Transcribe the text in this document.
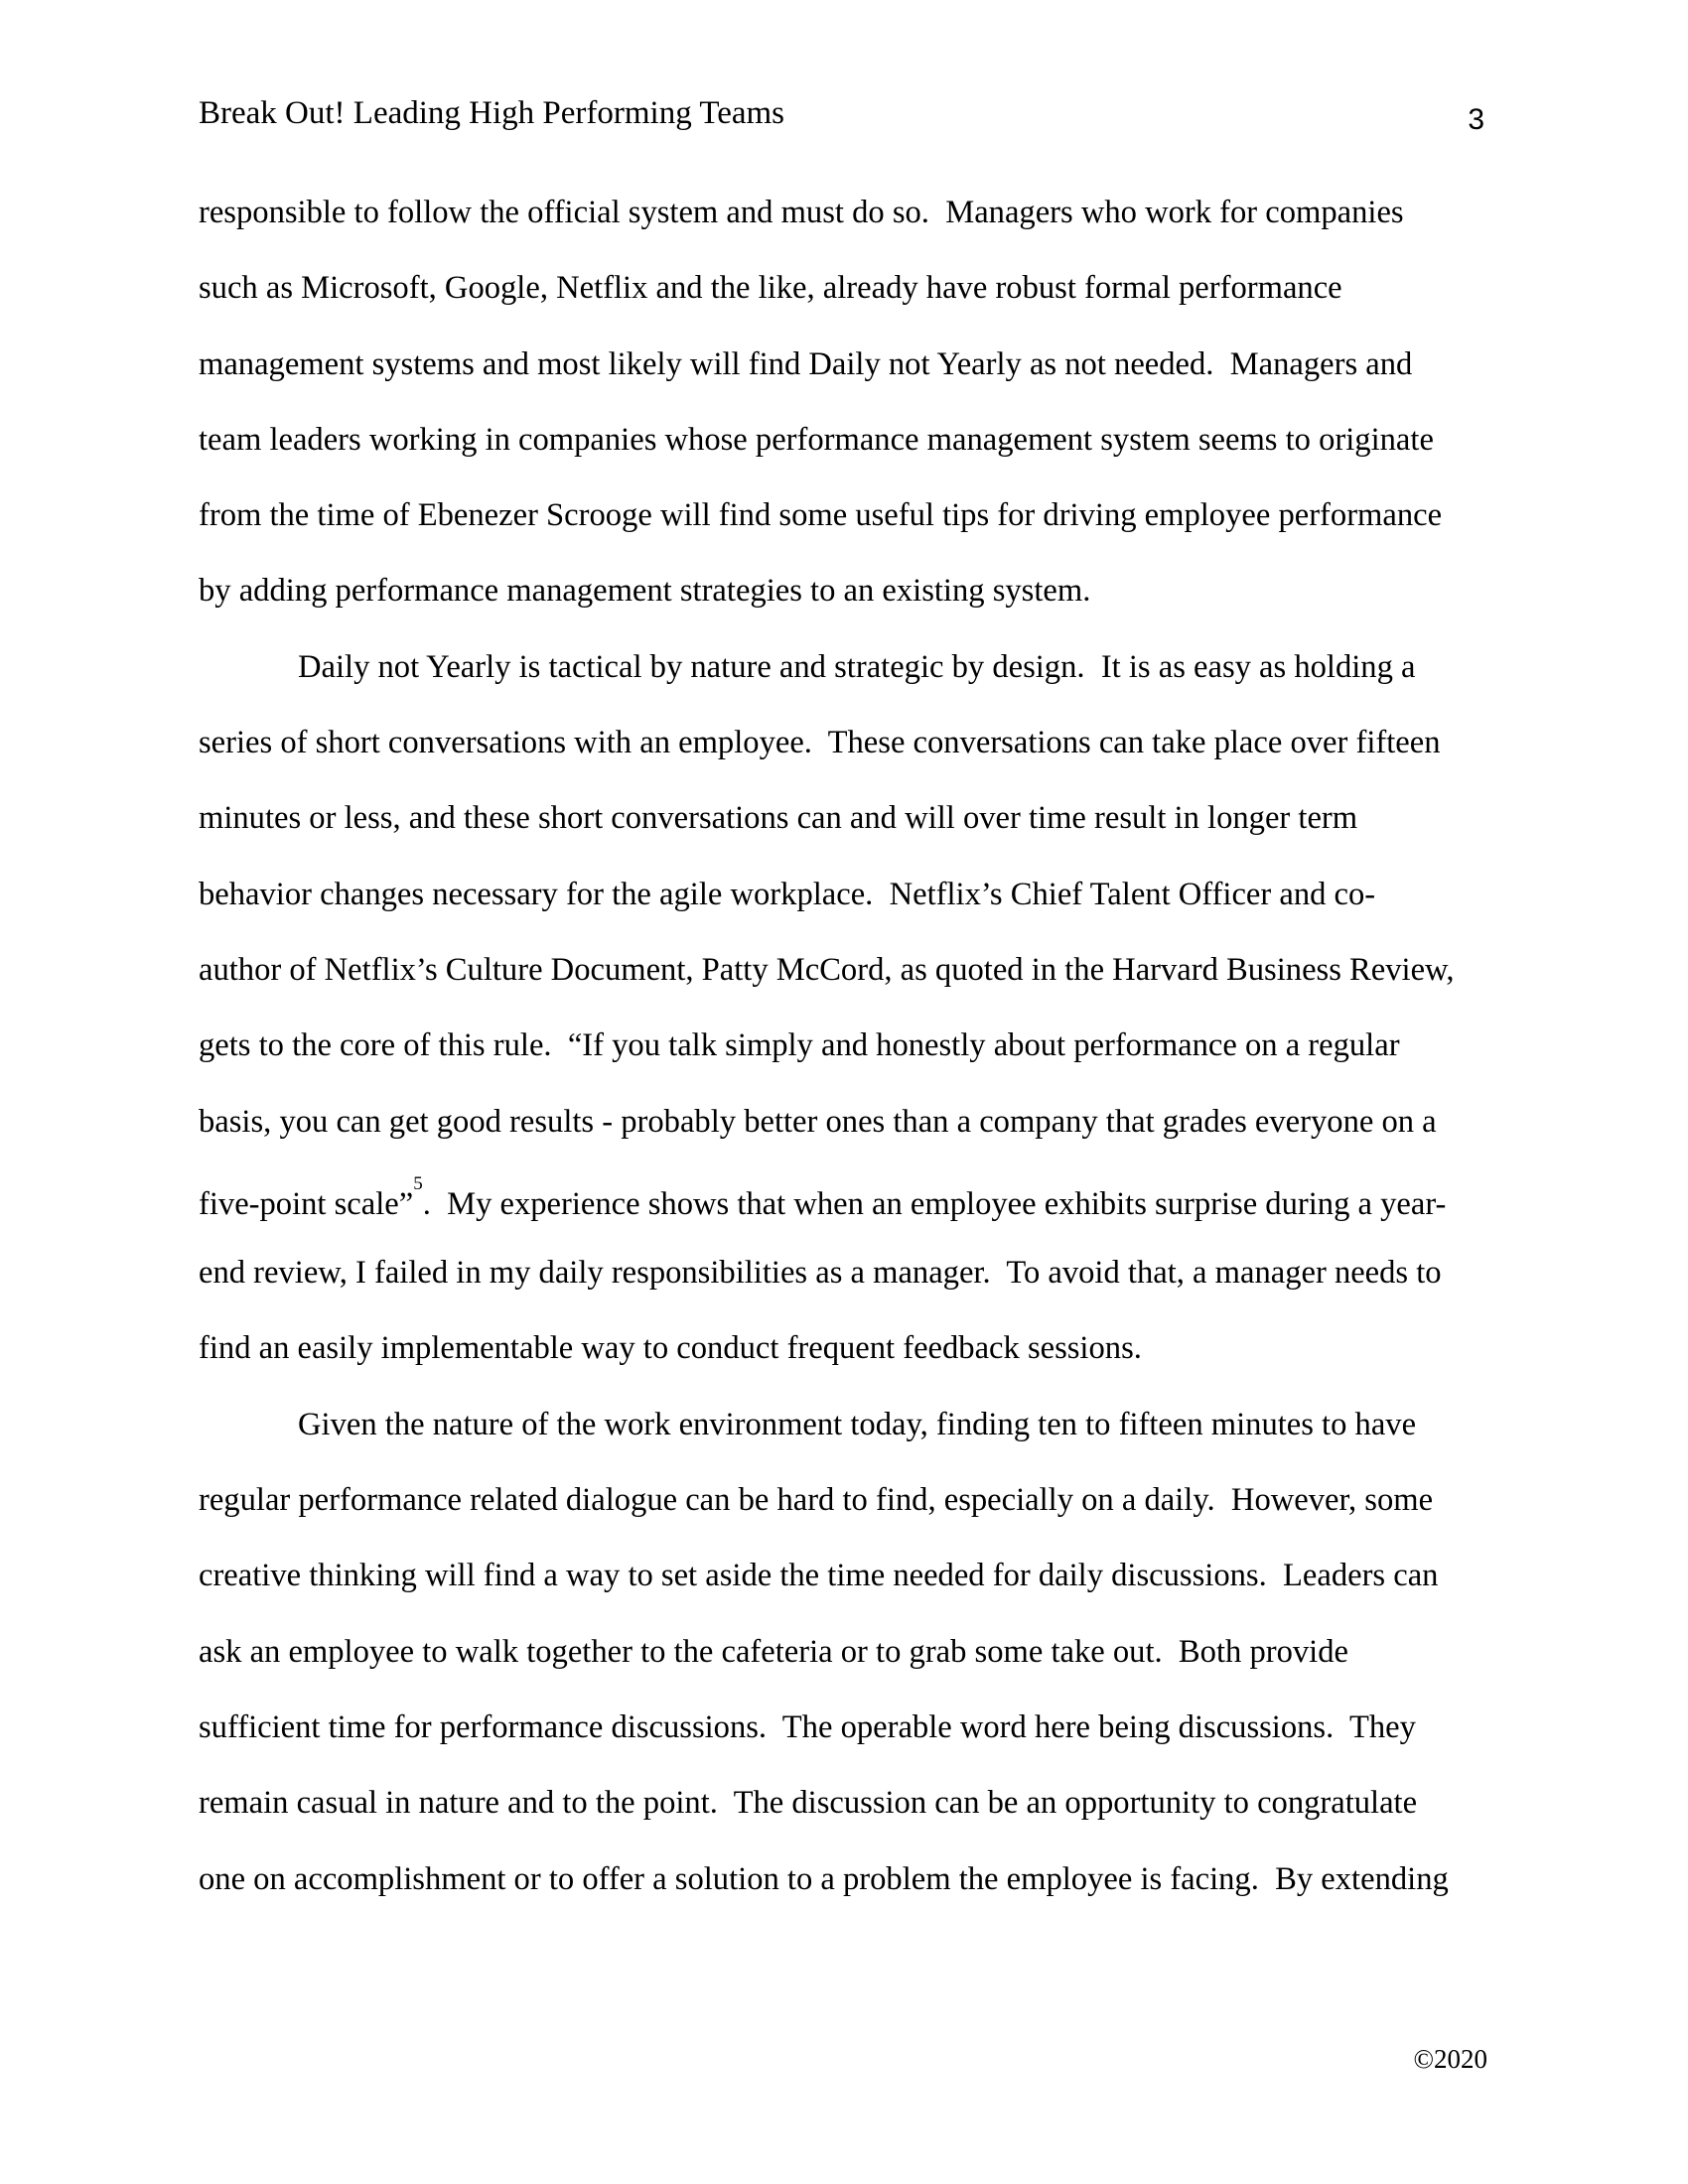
Break Out! Leading High Performing Teams	3
responsible to follow the official system and must do so.  Managers who work for companies
such as Microsoft, Google, Netflix and the like, already have robust formal performance
management systems and most likely will find Daily not Yearly as not needed.  Managers and
team leaders working in companies whose performance management system seems to originate
from the time of Ebenezer Scrooge will find some useful tips for driving employee performance
by adding performance management strategies to an existing system.
Daily not Yearly is tactical by nature and strategic by design.  It is as easy as holding a
series of short conversations with an employee.  These conversations can take place over fifteen
minutes or less, and these short conversations can and will over time result in longer term
behavior changes necessary for the agile workplace.  Netflix’s Chief Talent Officer and co-
author of Netflix’s Culture Document, Patty McCord, as quoted in the Harvard Business Review,
gets to the core of this rule.  “If you talk simply and honestly about performance on a regular
basis, you can get good results - probably better ones than a company that grades everyone on a
five-point scale”$^5$.  My experience shows that when an employee exhibits surprise during a year-
end review, I failed in my daily responsibilities as a manager.  To avoid that, a manager needs to
find an easily implementable way to conduct frequent feedback sessions.
Given the nature of the work environment today, finding ten to fifteen minutes to have
regular performance related dialogue can be hard to find, especially on a daily.  However, some
creative thinking will find a way to set aside the time needed for daily discussions.  Leaders can
ask an employee to walk together to the cafeteria or to grab some take out.  Both provide
sufficient time for performance discussions.  The operable word here being discussions.  They
remain casual in nature and to the point.  The discussion can be an opportunity to congratulate
one on accomplishment or to offer a solution to a problem the employee is facing.  By extending
©2020
